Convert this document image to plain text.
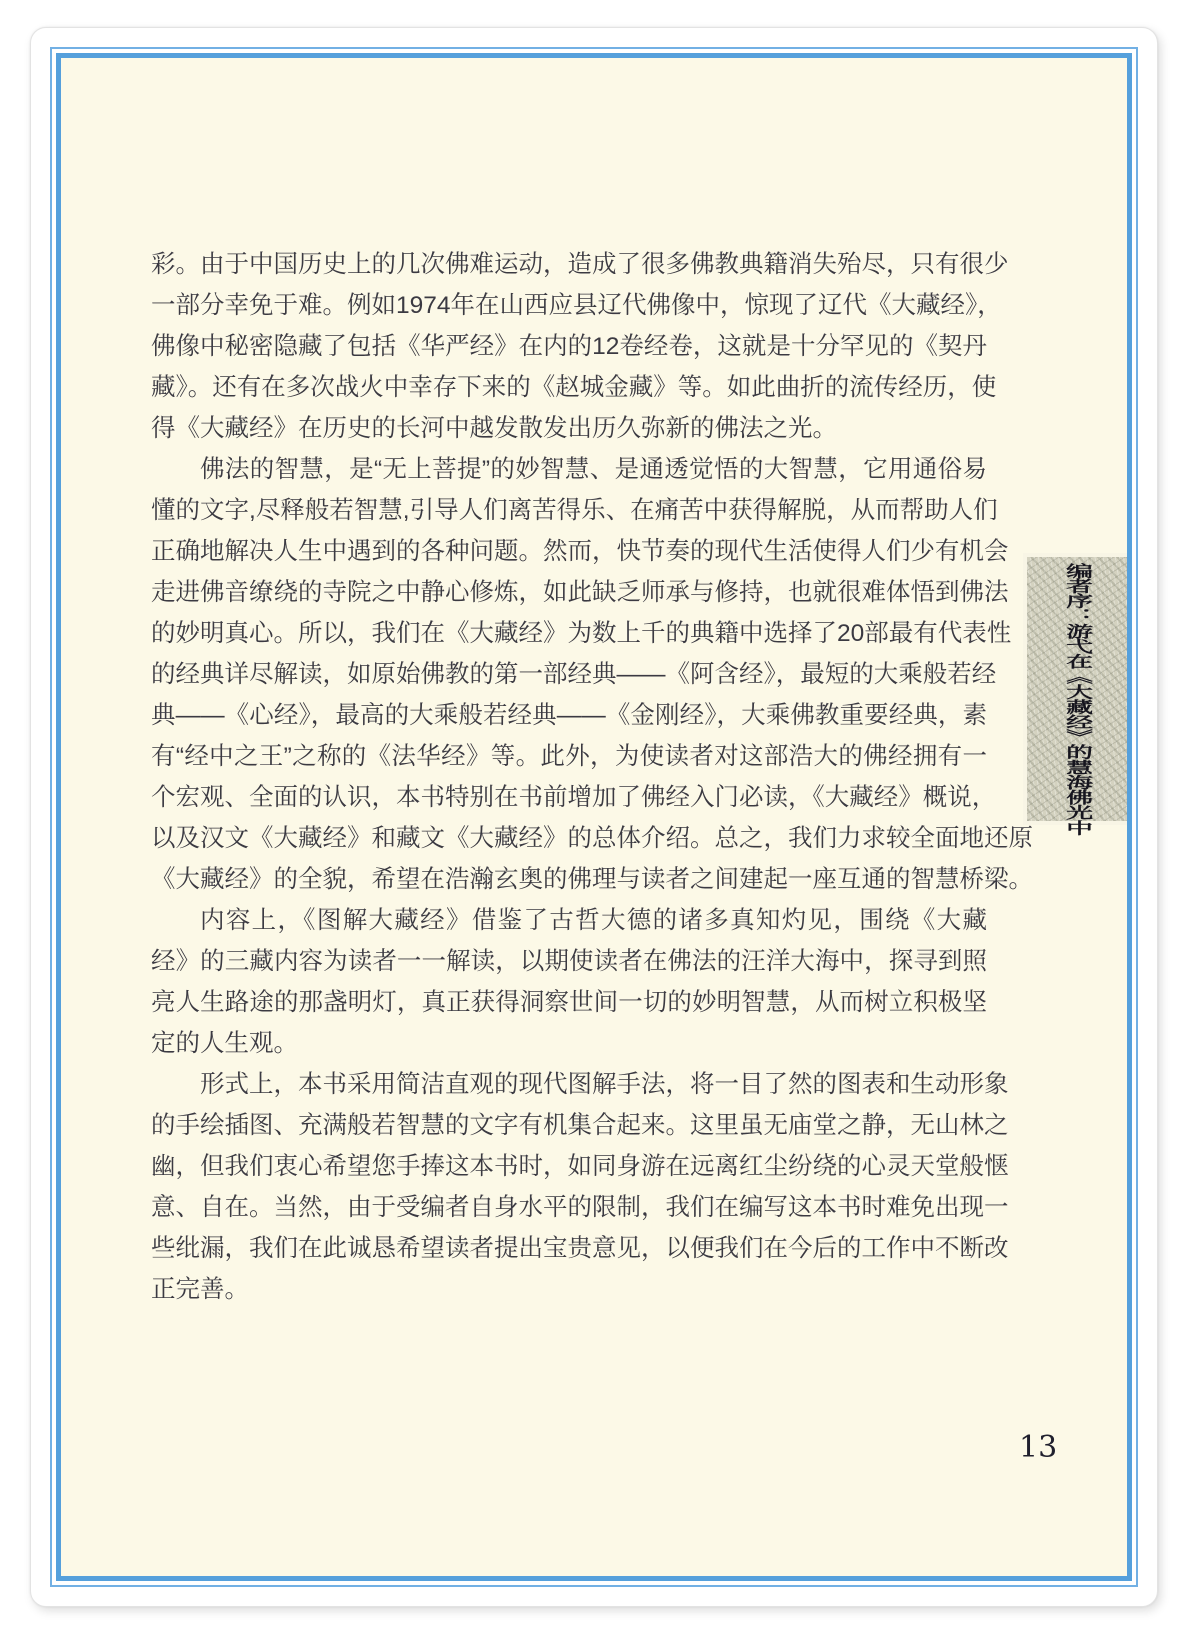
彩。由于中国历史上的几次佛难运动，造成了很多佛教典籍消失殆尽，只有很少
一部分幸免于难。例如1974年在山西应县辽代佛像中，惊现了辽代《大藏经》，
佛像中秘密隐藏了包括《华严经》在内的12卷经卷，这就是十分罕见的《契丹
藏》。还有在多次战火中幸存下来的《赵城金藏》等。如此曲折的流传经历，使
得《大藏经》在历史的长河中越发散发出历久弥新的佛法之光。
佛法的智慧，是“无上菩提”的妙智慧、是通透觉悟的大智慧，它用通俗易
懂的文字,尽释般若智慧,引导人们离苦得乐、在痛苦中获得解脱，从而帮助人们
正确地解决人生中遇到的各种问题。然而，快节奏的现代生活使得人们少有机会
走进佛音缭绕的寺院之中静心修炼，如此缺乏师承与修持，也就很难体悟到佛法
的妙明真心。所以，我们在《大藏经》为数上千的典籍中选择了20部最有代表性
的经典详尽解读，如原始佛教的第一部经典——《阿含经》，最短的大乘般若经
典——《心经》，最高的大乘般若经典——《金刚经》，大乘佛教重要经典，素
有“经中之王”之称的《法华经》等。此外，为使读者对这部浩大的佛经拥有一
个宏观、全面的认识，本书特别在书前增加了佛经入门必读，《大藏经》概说，
以及汉文《大藏经》和藏文《大藏经》的总体介绍。总之，我们力求较全面地还原
《大藏经》的全貌，希望在浩瀚玄奥的佛理与读者之间建起一座互通的智慧桥梁。
内容上，《图解大藏经》借鉴了古哲大德的诸多真知灼见，围绕《大藏
经》的三藏内容为读者一一解读，以期使读者在佛法的汪洋大海中，探寻到照
亮人生路途的那盏明灯，真正获得洞察世间一切的妙明智慧，从而树立积极坚
定的人生观。
形式上，本书采用简洁直观的现代图解手法，将一目了然的图表和生动形象
的手绘插图、充满般若智慧的文字有机集合起来。这里虽无庙堂之静，无山林之
幽，但我们衷心希望您手捧这本书时，如同身游在远离红尘纷绕的心灵天堂般惬
意、自在。当然，由于受编者自身水平的限制，我们在编写这本书时难免出现一
些纰漏，我们在此诚恳希望读者提出宝贵意见，以便我们在今后的工作中不断改
正完善。
编者序：游弋在《大藏经》的慧海佛光中
13
